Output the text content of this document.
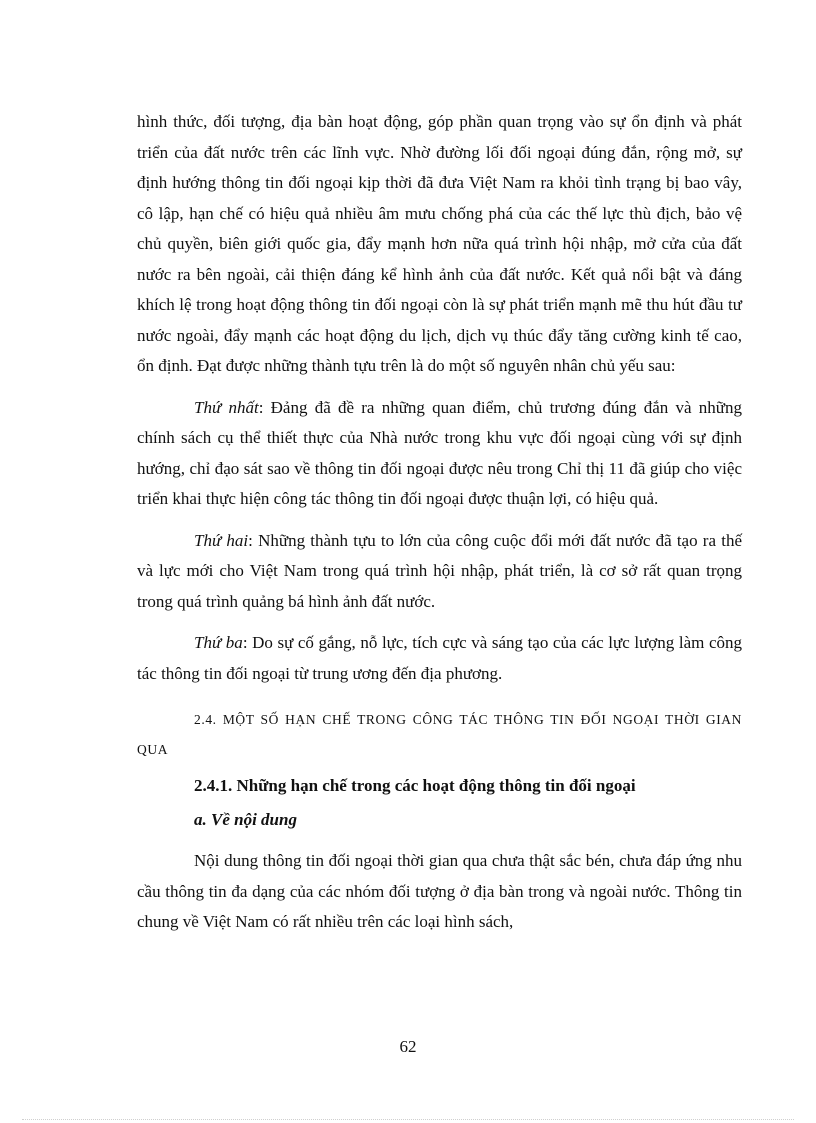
hình thức, đối tượng, địa bàn hoạt động, góp phần quan trọng vào sự ổn định và phát triển của đất nước trên các lĩnh vực. Nhờ đường lối đối ngoại đúng đắn, rộng mở, sự định hướng thông tin đối ngoại kịp thời đã đưa Việt Nam ra khỏi tình trạng bị bao vây, cô lập, hạn chế có hiệu quả nhiều âm mưu chống phá của các thế lực thù địch, bảo vệ chủ quyền, biên giới quốc gia, đẩy mạnh hơn nữa quá trình hội nhập, mở cửa của đất nước ra bên ngoài, cải thiện đáng kể hình ảnh của đất nước. Kết quả nổi bật và đáng khích lệ trong hoạt động thông tin đối ngoại còn là sự phát triển mạnh mẽ thu hút đầu tư nước ngoài, đẩy mạnh các hoạt động du lịch, dịch vụ thúc đẩy tăng cường kinh tế cao, ổn định. Đạt được những thành tựu trên là do một số nguyên nhân chủ yếu sau:

Thứ nhất: Đảng đã đề ra những quan điểm, chủ trương đúng đắn và những chính sách cụ thể thiết thực của Nhà nước trong khu vực đối ngoại cùng với sự định hướng, chỉ đạo sát sao về thông tin đối ngoại được nêu trong Chỉ thị 11 đã giúp cho việc triển khai thực hiện công tác thông tin đối ngoại được thuận lợi, có hiệu quả.

Thứ hai: Những thành tựu to lớn của công cuộc đổi mới đất nước đã tạo ra thế và lực mới cho Việt Nam trong quá trình hội nhập, phát triển, là cơ sở rất quan trọng trong quá trình quảng bá hình ảnh đất nước.

Thứ ba: Do sự cố gắng, nỗ lực, tích cực và sáng tạo của các lực lượng làm công tác thông tin đối ngoại từ trung ương đến địa phương.

2.4. MỘT SỐ HẠN CHẾ TRONG CÔNG TÁC THÔNG TIN ĐỐI NGOẠI THỜI GIAN QUA

2.4.1. Những hạn chế trong các hoạt động thông tin đối ngoại

a. Về nội dung

Nội dung thông tin đối ngoại thời gian qua chưa thật sắc bén, chưa đáp ứng nhu cầu thông tin đa dạng của các nhóm đối tượng ở địa bàn trong và ngoài nước. Thông tin chung về Việt Nam có rất nhiều trên các loại hình sách,

62
